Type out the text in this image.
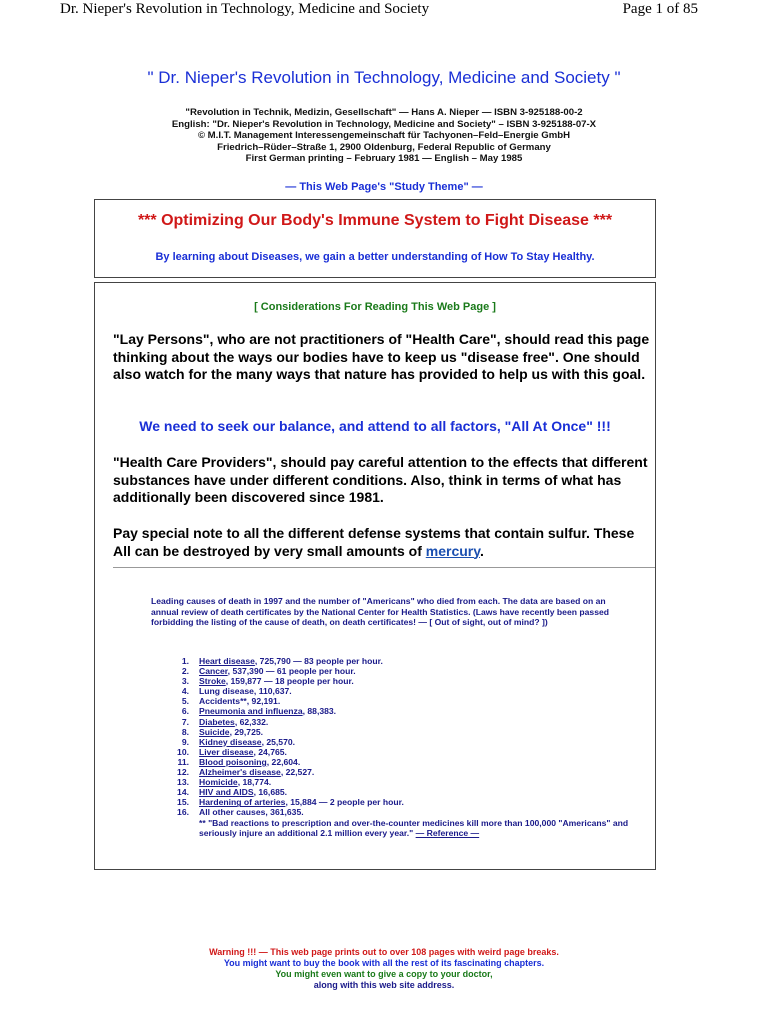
Dr. Nieper's Revolution in Technology, Medicine and Society	Page 1 of 85
" Dr. Nieper's Revolution in Technology, Medicine and Society "
"Revolution in Technik, Medizin, Gesellschaft" — Hans A. Nieper — ISBN 3-925188-00-2
English: "Dr. Nieper's Revolution in Technology, Medicine and Society" – ISBN 3-925188-07-X
© M.I.T. Management Interessengemeinschaft für Tachyonen–Feld–Energie GmbH
Friedrich–Rüder–Straße 1, 2900 Oldenburg, Federal Republic of Germany
First German printing – February 1981 — English – May 1985
— This Web Page's "Study Theme" —
*** Optimizing Our Body's Immune System to Fight Disease ***
By learning about Diseases, we gain a better understanding of How To Stay Healthy.
[ Considerations For Reading This Web Page ]
"Lay Persons", who are not practitioners of "Health Care", should read this page thinking about the ways our bodies have to keep us "disease free". One should also watch for the many ways that nature has provided to help us with this goal.
We need to seek our balance, and attend to all factors, "All At Once" !!!
"Health Care Providers", should pay careful attention to the effects that different substances have under different conditions. Also, think in terms of what has additionally been discovered since 1981.
Pay special note to all the different defense systems that contain sulfur. These All can be destroyed by very small amounts of mercury.
Leading causes of death in 1997 and the number of "Americans" who died from each. The data are based on an annual review of death certificates by the National Center for Health Statistics. (Laws have recently been passed forbidding the listing of the cause of death, on death certificates! — [ Out of sight, out of mind? ])
1. Heart disease, 725,790 — 83 people per hour.
2. Cancer, 537,390 — 61 people per hour.
3. Stroke, 159,877 — 18 people per hour.
4. Lung disease, 110,637.
5. Accidents**, 92,191.
6. Pneumonia and influenza, 88,383.
7. Diabetes, 62,332.
8. Suicide, 29,725.
9. Kidney disease, 25,570.
10. Liver disease, 24,765.
11. Blood poisoning, 22,604.
12. Alzheimer's disease, 22,527.
13. Homicide, 18,774.
14. HIV and AIDS, 16,685.
15. Hardening of arteries, 15,884 — 2 people per hour.
16. All other causes, 361,635.
** "Bad reactions to prescription and over-the-counter medicines kill more than 100,000 "Americans" and seriously injure an additional 2.1 million every year." — Reference —
Warning !!! — This web page prints out to over 108 pages with weird page breaks.
You might want to buy the book with all the rest of its fascinating chapters.
You might even want to give a copy to your doctor,
along with this web site address.
